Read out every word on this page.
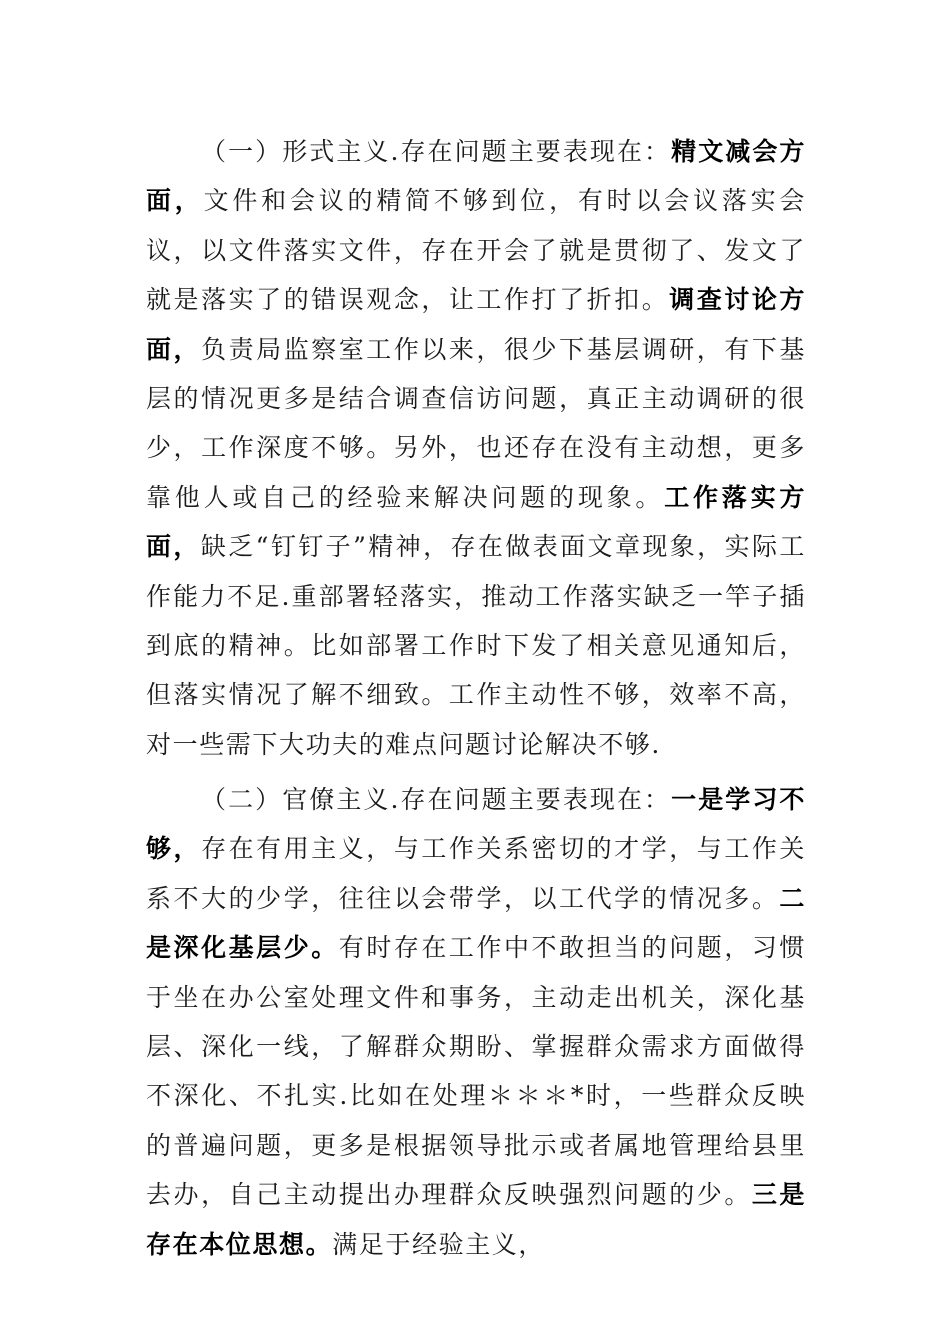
（一）形式主义.存在问题主要表现在：精文减会方面，文件和会议的精简不够到位，有时以会议落实会议，以文件落实文件，存在开会了就是贯彻了、发文了就是落实了的错误观念，让工作打了折扣。调查讨论方面，负责局监察室工作以来，很少下基层调研，有下基层的情况更多是结合调查信访问题，真正主动调研的很少，工作深度不够。另外，也还存在没有主动想，更多靠他人或自己的经验来解决问题的现象。工作落实方面，缺乏“钉钉子”精神，存在做表面文章现象，实际工作能力不足.重部署轻落实，推动工作落实缺乏一竿子插到底的精神。比如部署工作时下发了相关意见通知后，但落实情况了解不细致。工作主动性不够，效率不高，对一些需下大功夫的难点问题讨论解决不够.

（二）官僚主义.存在问题主要表现在：一是学习不够，存在有用主义，与工作关系密切的才学，与工作关系不大的少学，往往以会带学，以工代学的情况多。二是深化基层少。有时存在工作中不敢担当的问题，习惯于坐在办公室处理文件和事务，主动走出机关，深化基层、深化一线，了解群众期盼、掌握群众需求方面做得不深化、不扎实.比如在处理＊＊＊*时，一些群众反映的普遍问题，更多是根据领导批示或者属地管理给县里去办，自己主动提出办理群众反映强烈问题的少。三是存在本位思想。满足于经验主义，
